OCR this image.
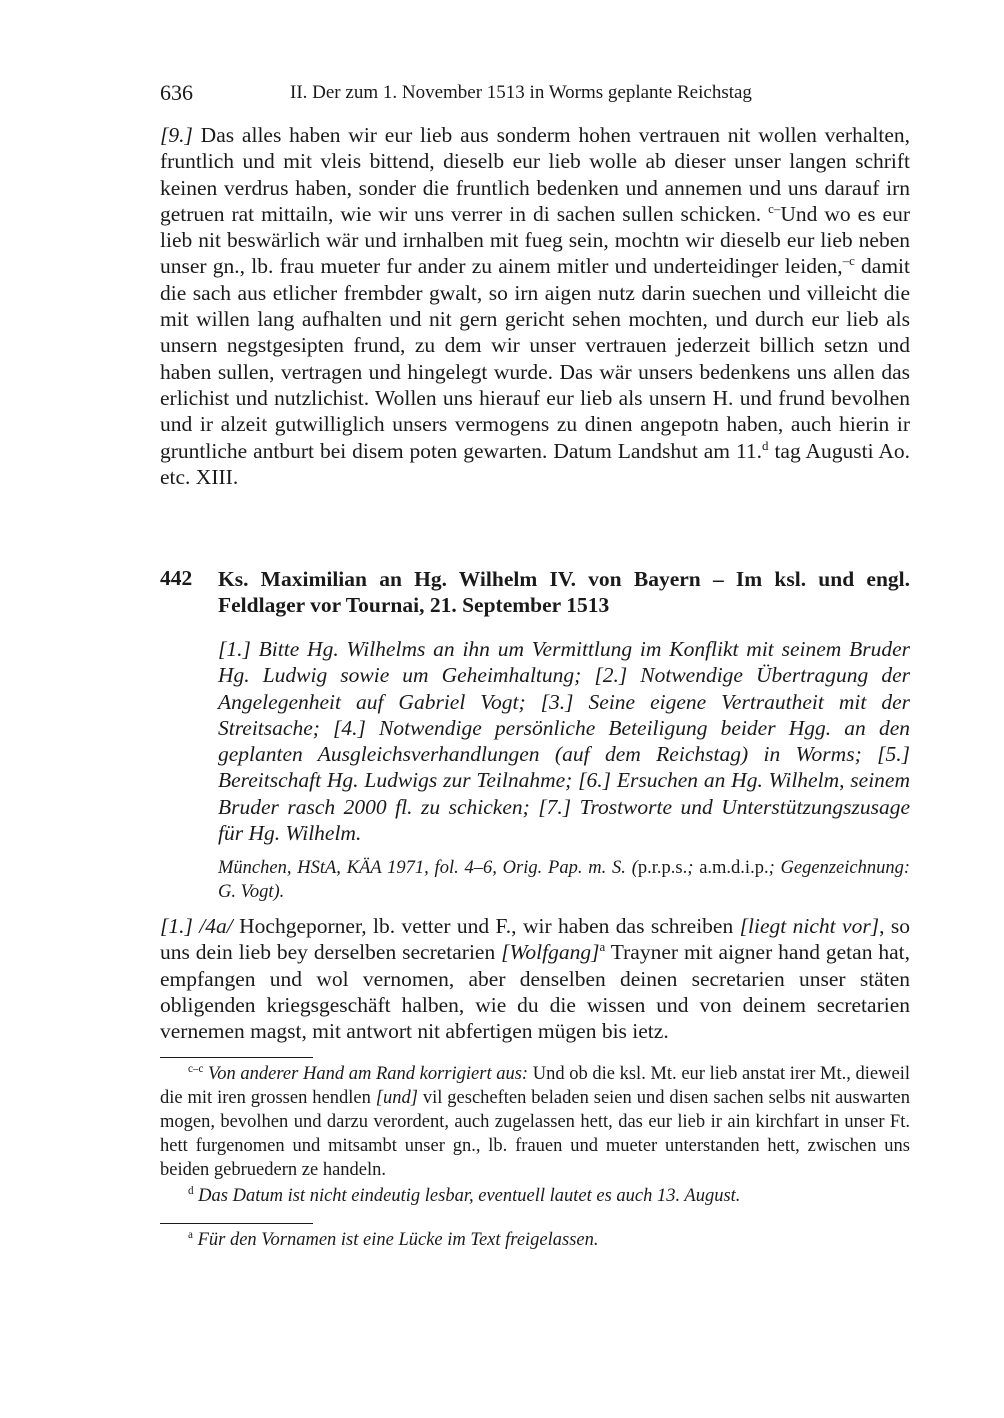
636	II. Der zum 1. November 1513 in Worms geplante Reichstag

[9.] Das alles haben wir eur lieb aus sonderm hohen vertrauen nit wollen verhalten, fruntlich und mit vleis bittend, dieselb eur lieb wolle ab dieser unser langen schrift keinen verdrus haben, sonder die fruntlich bedenken und annemen und uns darauf irn getruen rat mittailn, wie wir uns verrer in di sachen sullen schicken. $^{c-}$Und wo es eur lieb nit beswärlich wär und irnhalben mit fueg sein, mochtn wir dieselb eur lieb neben unser gn., lb. frau mueter fur ander zu ainem mitler und underteidinger leiden,$^{-c}$ damit die sach aus etlicher frembder gwalt, so irn aigen nutz darin suechen und villeicht die mit willen lang aufhalten und nit gern gericht sehen mochten, und durch eur lieb als unsern negstgesipten frund, zu dem wir unser vertrauen jederzeit billich setzn und haben sullen, vertragen und hingelegt wurde. Das wär unsers bedenkens uns allen das erlichist und nutzlichist. Wollen uns hierauf eur lieb als unsern H. und frund bevolhen und ir alzeit gutwilliglich unsers vermogens zu dinen angepotn haben, auch hierin ir gruntliche antburt bei disem poten gewarten. Datum Landshut am 11.$^d$ tag Augusti Ao. etc. XIII.

442 Ks. Maximilian an Hg. Wilhelm IV. von Bayern – Im ksl. und engl. Feldlager vor Tournai, 21. September 1513

[1.] Bitte Hg. Wilhelms an ihn um Vermittlung im Konflikt mit seinem Bruder Hg. Ludwig sowie um Geheimhaltung; [2.] Notwendige Übertragung der Angelegenheit auf Gabriel Vogt; [3.] Seine eigene Vertrautheit mit der Streitsache; [4.] Notwendige persönliche Beteiligung beider Hgg. an den geplanten Ausgleichsverhandlungen (auf dem Reichstag) in Worms; [5.] Bereitschaft Hg. Ludwigs zur Teilnahme; [6.] Ersuchen an Hg. Wilhelm, seinem Bruder rasch 2000 fl. zu schicken; [7.] Trostworte und Unterstützungszusage für Hg. Wilhelm.

München, HStA, KÄA 1971, fol. 4–6, Orig. Pap. m. S. (p.r.p.s.; a.m.d.i.p.; Gegenzeichnung: G. Vogt).

[1.] /4a/ Hochgeporner, lb. vetter und F., wir haben das schreiben [liegt nicht vor], so uns dein lieb bey derselben secretarien [Wolfgang]$^a$ Trayner mit aigner hand getan hat, empfangen und wol vernomen, aber denselben deinen secretarien unser stäten obligenden kriegsgeschäft halben, wie du die wissen und von deinem secretarien vernemen magst, mit antwort nit abfertigen mügen bis ietz.

$^{c-c}$ Von anderer Hand am Rand korrigiert aus: Und ob die ksl. Mt. eur lieb anstat irer Mt., dieweil die mit iren grossen hendlen [und] vil gescheften beladen seien und disen sachen selbs nit auswarten mogen, bevolhen und darzu verordent, auch zugelassen hett, das eur lieb ir ain kirchfart in unser Ft. hett furgenomen und mitsambt unser gn., lb. frauen und mueter unterstanden hett, zwischen uns beiden gebruedern ze handeln.

$^d$ Das Datum ist nicht eindeutig lesbar, eventuell lautet es auch 13. August.

$^a$ Für den Vornamen ist eine Lücke im Text freigelassen.
